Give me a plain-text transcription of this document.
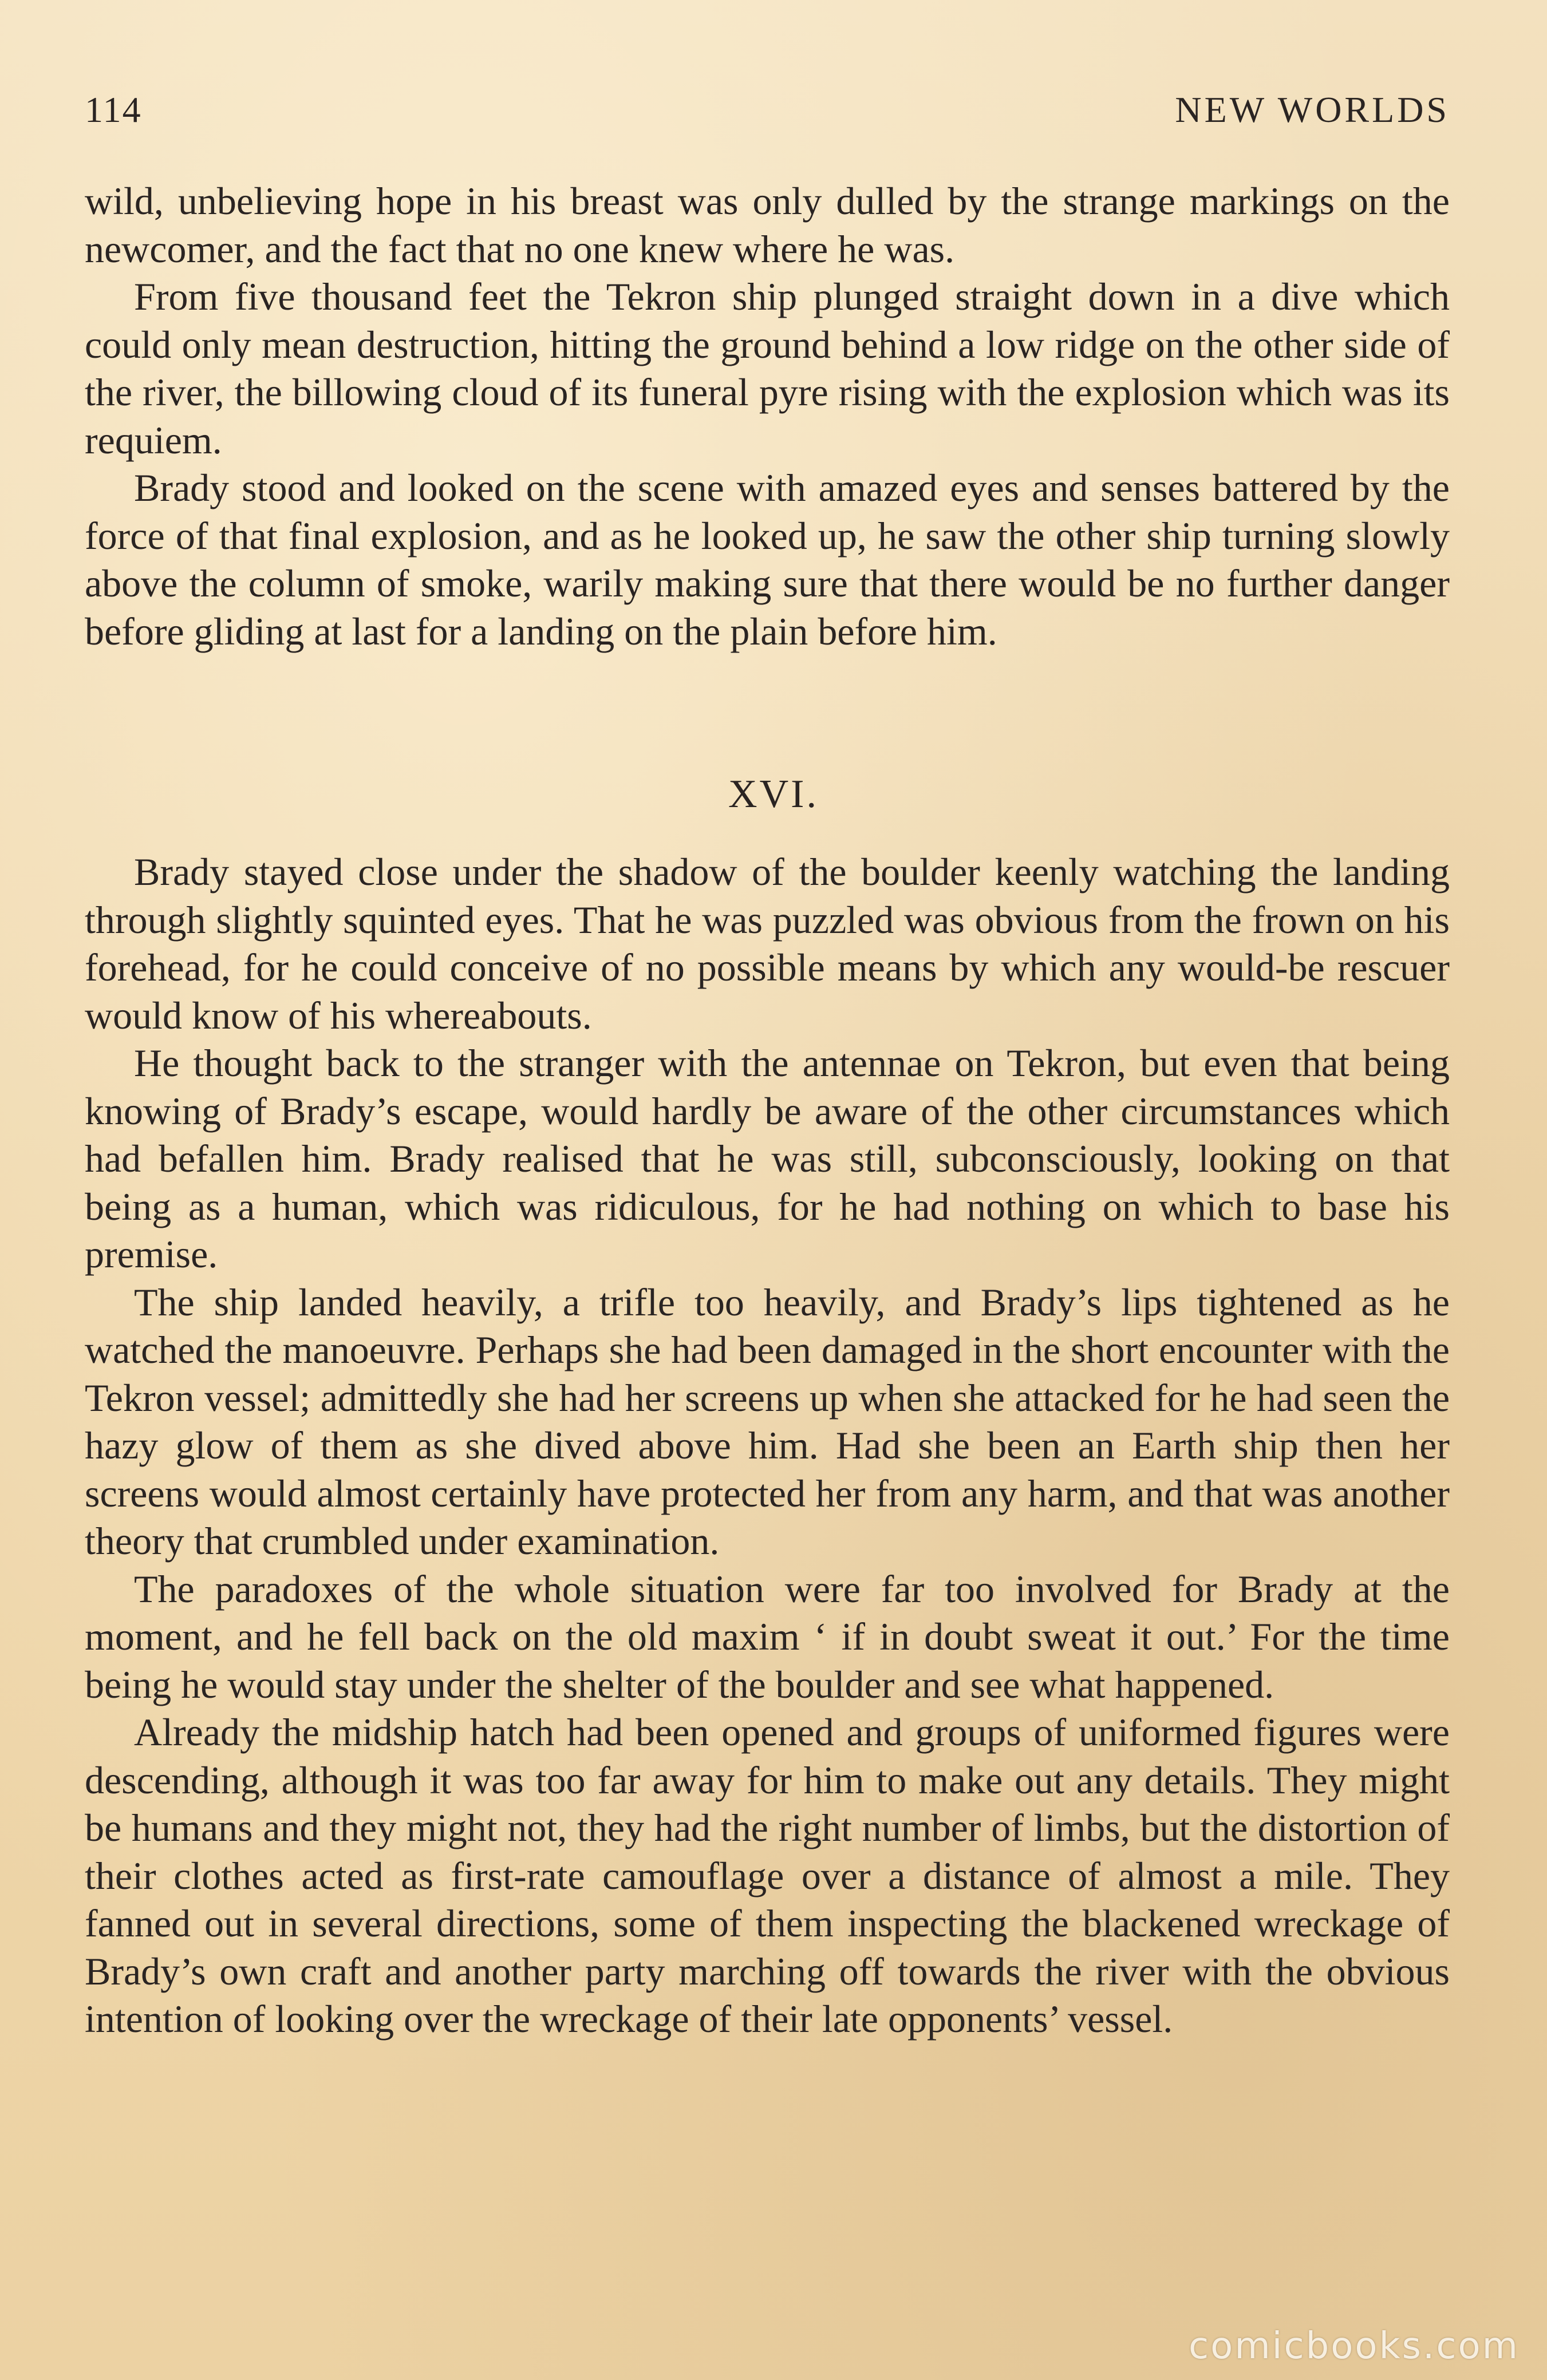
114	NEW WORLDS

wild, unbelieving hope in his breast was only dulled by the strange markings on the newcomer, and the fact that no one knew where he was.

From five thousand feet the Tekron ship plunged straight down in a dive which could only mean destruction, hitting the ground behind a low ridge on the other side of the river, the billowing cloud of its funeral pyre rising with the explosion which was its requiem.

Brady stood and looked on the scene with amazed eyes and senses battered by the force of that final explosion, and as he looked up, he saw the other ship turning slowly above the column of smoke, warily making sure that there would be no further danger before gliding at last for a landing on the plain before him.

XVI.

Brady stayed close under the shadow of the boulder keenly watching the landing through slightly squinted eyes. That he was puzzled was obvious from the frown on his forehead, for he could conceive of no possible means by which any would-be rescuer would know of his whereabouts.

He thought back to the stranger with the antennae on Tekron, but even that being knowing of Brady’s escape, would hardly be aware of the other circumstances which had befallen him. Brady realised that he was still, subconsciously, looking on that being as a human, which was ridiculous, for he had nothing on which to base his premise.

The ship landed heavily, a trifle too heavily, and Brady’s lips tightened as he watched the manoeuvre. Perhaps she had been damaged in the short encounter with the Tekron vessel; admittedly she had her screens up when she attacked for he had seen the hazy glow of them as she dived above him. Had she been an Earth ship then her screens would almost certainly have protected her from any harm, and that was another theory that crumbled under examination.

The paradoxes of the whole situation were far too involved for Brady at the moment, and he fell back on the old maxim ‘ if in doubt sweat it out.’ For the time being he would stay under the shelter of the boulder and see what happened.

Already the midship hatch had been opened and groups of uniformed figures were descending, although it was too far away for him to make out any details. They might be humans and they might not, they had the right number of limbs, but the distortion of their clothes acted as first-rate camouflage over a distance of almost a mile. They fanned out in several directions, some of them inspecting the blackened wreckage of Brady’s own craft and another party marching off towards the river with the obvious intention of looking over the wreckage of their late opponents’ vessel.

comicbooks.com
